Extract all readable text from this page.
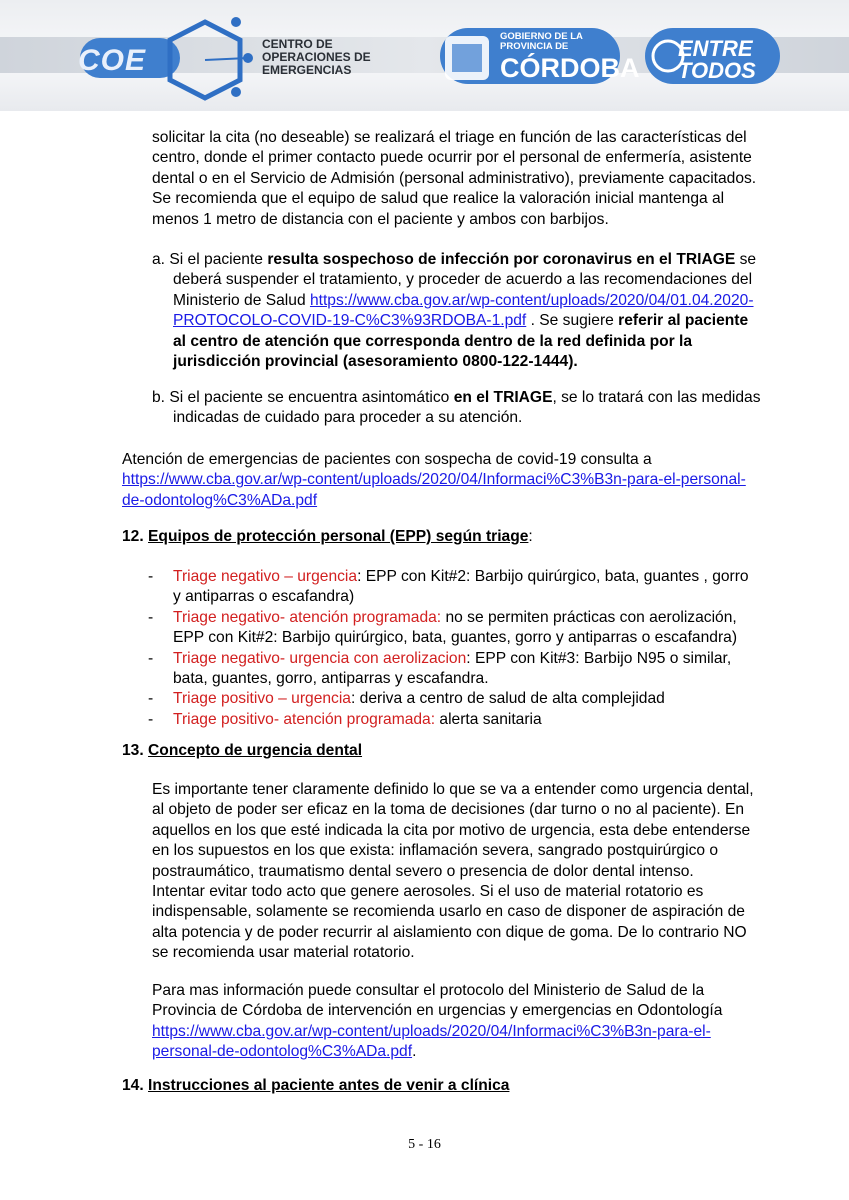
COE	CENTRO DE
OPERACIONES DE
EMERGENCIAS
GOBIERNO DE LA
PROVINCIA DE
CÓRDOBA
ENTRE
TODOS
solicitar la cita (no deseable) se realizará el triage en función de las características del
centro, donde el primer contacto puede ocurrir por el personal de enfermería, asistente
dental o en el Servicio de Admisión (personal administrativo), previamente capacitados.
Se recomienda que el equipo de salud que realice la valoración inicial mantenga al
menos 1 metro de distancia con el paciente y ambos con barbijos.
a. Si el paciente resulta sospechoso de infección por coronavirus en el TRIAGE se
deberá suspender el tratamiento, y proceder de acuerdo a las recomendaciones del
Ministerio de Salud https://www.cba.gov.ar/wp-content/uploads/2020/04/01.04.2020-
PROTOCOLO-COVID-19-C%C3%93RDOBA-1.pdf . Se sugiere referir al paciente
al centro de atención que corresponda dentro de la red definida por la
jurisdicción provincial (asesoramiento 0800-122-1444).
b. Si el paciente se encuentra asintomático en el TRIAGE, se lo tratará con las medidas
indicadas de cuidado para proceder a su atención.
Atención de emergencias de pacientes con sospecha de covid-19 consulta a
https://www.cba.gov.ar/wp-content/uploads/2020/04/Informaci%C3%B3n-para-el-personal-
de-odontolog%C3%ADa.pdf
12. Equipos de protección personal (EPP) según triage:
- Triage negativo – urgencia: EPP con Kit#2: Barbijo quirúrgico, bata, guantes , gorro
y antiparras o escafandra)
- Triage negativo- atención programada: no se permiten prácticas con aerolización,
EPP con Kit#2: Barbijo quirúrgico, bata, guantes, gorro y antiparras o escafandra)
- Triage negativo- urgencia con aerolizacion: EPP con Kit#3: Barbijo N95 o similar,
bata, guantes, gorro, antiparras y escafandra.
- Triage positivo – urgencia: deriva a centro de salud de alta complejidad
- Triage positivo- atención programada: alerta sanitaria
13. Concepto de urgencia dental
Es importante tener claramente definido lo que se va a entender como urgencia dental,
al objeto de poder ser eficaz en la toma de decisiones (dar turno o no al paciente). En
aquellos en los que esté indicada la cita por motivo de urgencia, esta debe entenderse
en los supuestos en los que exista: inflamación severa, sangrado postquirúrgico o
postraumático, traumatismo dental severo o presencia de dolor dental intenso.
Intentar evitar todo acto que genere aerosoles. Si el uso de material rotatorio es
indispensable, solamente se recomienda usarlo en caso de disponer de aspiración de
alta potencia y de poder recurrir al aislamiento con dique de goma. De lo contrario NO
se recomienda usar material rotatorio.
Para mas información puede consultar el protocolo del Ministerio de Salud de la
Provincia de Córdoba de intervención en urgencias y emergencias en Odontología
https://www.cba.gov.ar/wp-content/uploads/2020/04/Informaci%C3%B3n-para-el-
personal-de-odontolog%C3%ADa.pdf.
14. Instrucciones al paciente antes de venir a clínica
5 - 16
